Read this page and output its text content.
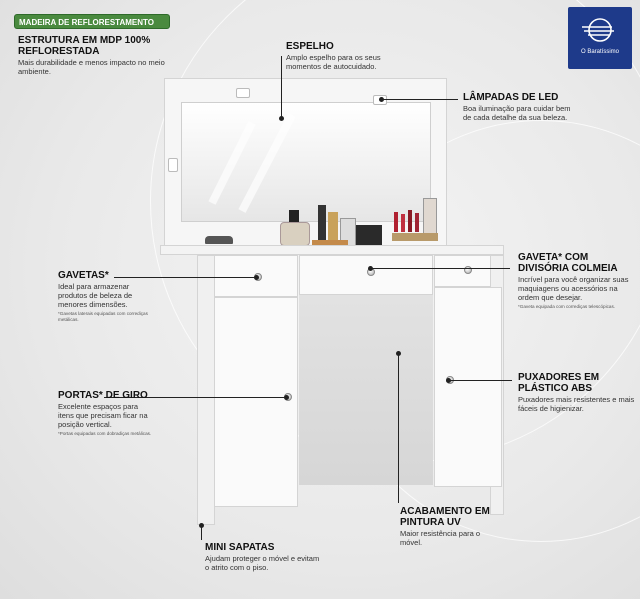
MADEIRA DE REFLORESTAMENTO
O Baratíssimo
ESTRUTURA EM MDP 100% REFLORESTADA
Mais durabilidade e menos impacto no meio ambiente.
ESPELHO
Amplo espelho para os seus momentos de autocuidado.
LÂMPADAS DE LED
Boa iluminação para cuidar bem de cada detalhe da sua beleza.
GAVETAS*
Ideal para armazenar produtos de beleza de menores dimensões.
*Gavetas laterais equipadas com corrediças metálicas.
GAVETA* COM DIVISÓRIA COLMEIA
Incrível para você organizar suas maquiagens ou acessórios na ordem que desejar.
*Gaveta equipada com corrediças telescópicas.
PORTAS* DE GIRO
Excelente espaços para itens que precisam ficar na posição vertical.
*Portas equipadas com dobradiças metálicas.
PUXADORES EM PLÁSTICO ABS
Puxadores mais resistentes e mais fáceis de higienizar.
ACABAMENTO EM PINTURA UV
Maior resistência para o móvel.
MINI SAPATAS
Ajudam proteger o móvel e evitam o atrito com o piso.
